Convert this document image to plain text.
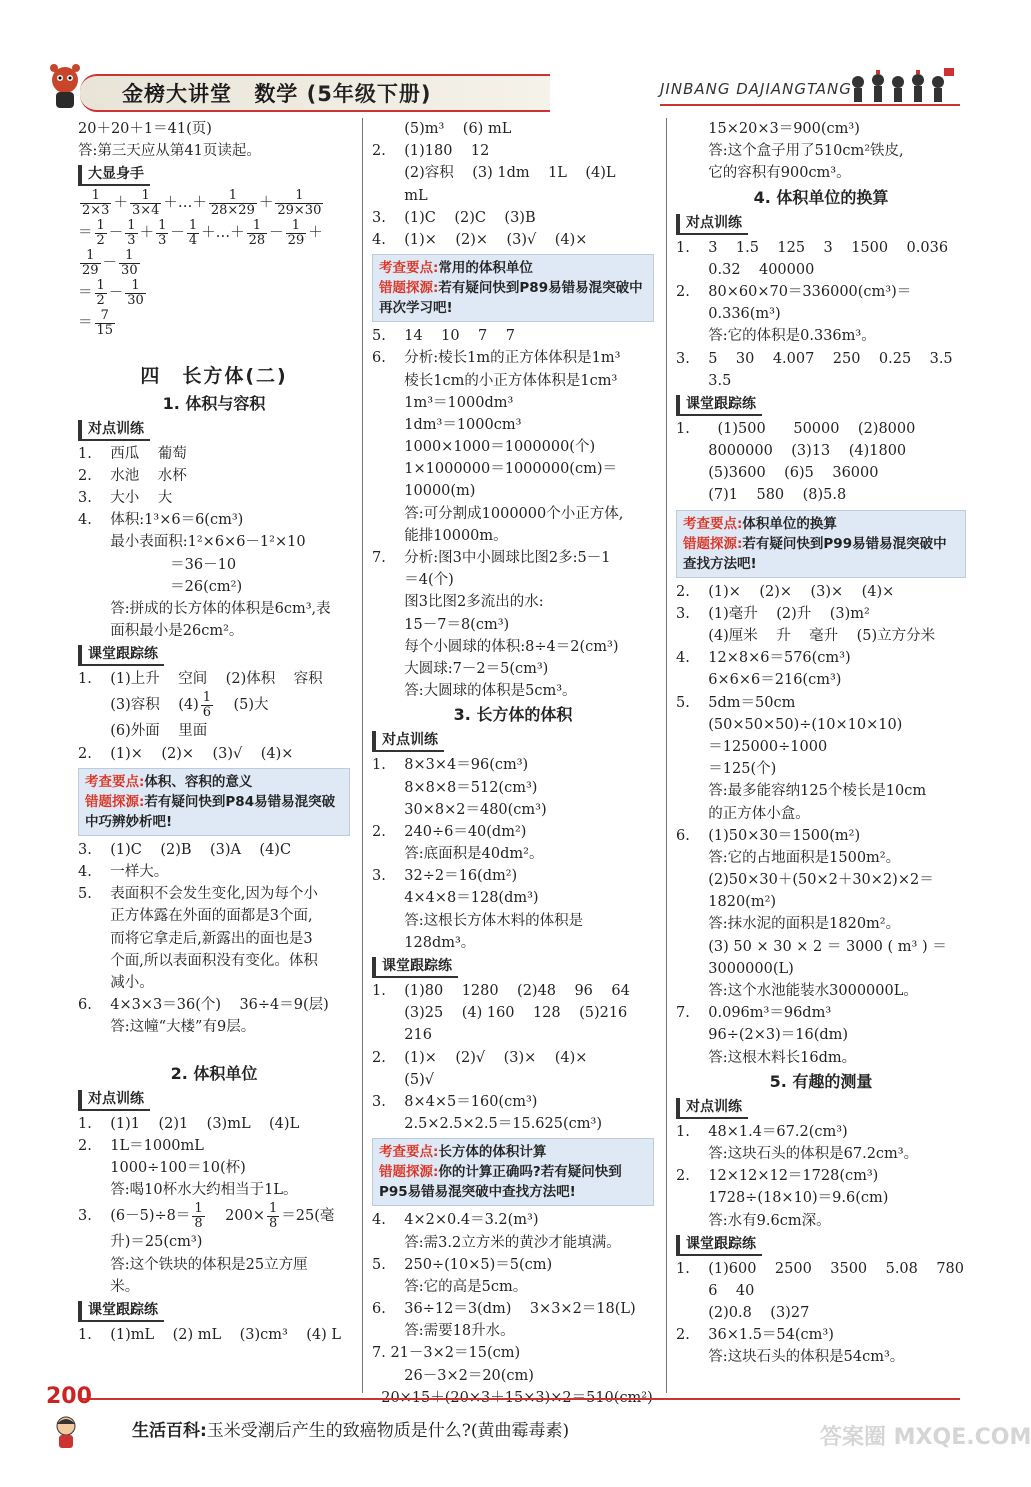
金榜大讲堂 数学 (5年级下册)	JINBANG DAJIANGTANG
20＋20＋1＝41(页)
答:第三天应从第41页读起。
大显身手
$\frac{1}{2\times 3} + \frac{1}{3\times 4}$ ＋…＋ $\frac{1}{28\times 29} + \frac{1}{29\times 30}$
＝ $\frac{1}{2} - \frac{1}{3} + \frac{1}{3} - \frac{1}{4}$ ＋…＋ $\frac{1}{28} - \frac{1}{29}$ ＋
$\frac{1}{29} - \frac{1}{30}$
＝ $\frac{1}{2} - \frac{1}{30}$
＝ $\frac{7}{15}$
四　长方体(二)
1. 体积与容积
对点训练
1.    西瓜    葡萄
2.    水池    水杯
3.    大小    大
4.    体积:1³×6＝6(cm³)
最小表面积:1²×6×6－1²×10
＝36－10
＝26(cm²)
答:拼成的长方体的体积是6cm³,表
面积最小是26cm²。
课堂跟踪练
1.    (1)上升    空间    (2)体积    容积
(3)容积    $(4) \frac{1}{6} (5)$大
(6)外面    里面
2.    (1)×    (2)×    (3)√    (4)×
考查要点:体积、容积的意义
错题探源:若有疑问快到P84易错易混突破中巧辨妙析吧!
3.    (1)C    (2)B    (3)A    (4)C
4.    一样大。
5.    表面积不会发生变化,因为每个小
正方体露在外面的面都是3个面,
而将它拿走后,新露出的面也是3
个面,所以表面积没有变化。体积
减小。
6.    4×3×3＝36(个)    36÷4＝9(层)
答:这幢“大楼”有9层。
2. 体积单位
对点训练
1.    (1)1    (2)1    (3)mL    (4)L
2.    1L＝1000mL
1000÷100＝10(杯)
答:喝10杯水大约相当于1L。
3.    $(6-5)\div 8= \frac{1}{8} 200\times \frac{1}{8} =25$(毫
升)＝25(cm³)
答:这个铁块的体积是25立方厘
米。
课堂跟踪练
1.    (1)mL    (2) mL    (3)cm³    (4) L
(5)m³    (6) mL
2.    (1)180    12
(2)容积    (3) 1dm    1L    (4)L
mL
3.    (1)C    (2)C    (3)B
4.    (1)×    (2)×    (3)√    (4)×
考查要点:常用的体积单位
错题探源:若有疑问快到P89易错易混突破中再次学习吧!
5.    14    10    7    7
6.    分析:棱长1m的正方体体积是1m³
棱长1cm的小正方体体积是1cm³
1m³＝1000dm³
1dm³＝1000cm³
1000×1000＝1000000(个)
1×1000000＝1000000(cm)＝
10000(m)
答:可分割成1000000个小正方体,
能排10000m。
7.    分析:图3中小圆球比图2多:5－1
＝4(个)
图3比图2多流出的水:
15－7＝8(cm³)
每个小圆球的体积:8÷4＝2(cm³)
大圆球:7－2＝5(cm³)
答:大圆球的体积是5cm³。
3. 长方体的体积
对点训练
1.    8×3×4＝96(cm³)
8×8×8＝512(cm³)
30×8×2＝480(cm³)
2.    240÷6＝40(dm²)
答:底面积是40dm²。
3.    32÷2＝16(dm²)
4×4×8＝128(dm³)
答:这根长方体木料的体积是
128dm³。
课堂跟踪练
1.    (1)80    1280    (2)48    96    64
(3)25    (4) 160    128    (5)216
216
2.    (1)×    (2)√    (3)×    (4)×
(5)√
3.    8×4×5＝160(cm³)
2.5×2.5×2.5＝15.625(cm³)
考查要点:长方体的体积计算
错题探源:你的计算正确吗?若有疑问快到P95易错易混突破中查找方法吧!
4.    4×2×0.4＝3.2(m³)
答:需3.2立方米的黄沙才能填满。
5.    250÷(10×5)＝5(cm)
答:它的高是5cm。
6.    36÷12＝3(dm)    3×3×2＝18(L)
答:需要18升水。
7. 21－3×2＝15(cm)
26－3×2＝20(cm)
15×20×3＝900(cm³)
答:这个盒子用了510cm²铁皮,
它的容积有900cm³。
4. 体积单位的换算
对点训练
1.    3    1.5    125    3    1500    0.036
0.32    400000
2.    80×60×70＝336000(cm³)＝
0.336(m³)
答:它的体积是0.336m³。
3.    5    30    4.007    250    0.25    3.5
3.5
课堂跟踪练
1.      (1)500      50000    (2)8000
8000000    (3)13    (4)1800
(5)3600    (6)5    36000
(7)1    580    (8)5.8
考查要点:体积单位的换算
错题探源:若有疑问快到P99易错易混突破中查找方法吧!
2.    (1)×    (2)×    (3)×    (4)×
3.    (1)毫升    (2)升    (3)m²
(4)厘米    升    毫升    (5)立方分米
4.    12×8×6＝576(cm³)
6×6×6＝216(cm³)
5.    5dm＝50cm
(50×50×50)÷(10×10×10)
＝125000÷1000
＝125(个)
答:最多能容纳125个棱长是10cm
的正方体小盒。
6.    (1)50×30＝1500(m²)
答:它的占地面积是1500m²。
(2)50×30＋(50×2＋30×2)×2＝
1820(m²)
答:抹水泥的面积是1820m²。
(3) 50 × 30 × 2 ＝ 3000 ( m³ ) ＝
3000000(L)
答:这个水池能装水3000000L。
7.    0.096m³＝96dm³
96÷(2×3)＝16(dm)
答:这根木料长16dm。
5. 有趣的测量
对点训练
1.    48×1.4＝67.2(cm³)
答:这块石头的体积是67.2cm³。
2.    12×12×12＝1728(cm³)
1728÷(18×10)＝9.6(cm)
答:水有9.6cm深。
课堂跟踪练
1.    (1)600    2500    3500    5.08    780
6    40
(2)0.8    (3)27
2.    36×1.5＝54(cm³)
答:这块石头的体积是54cm³。
200
生活百科:玉米受潮后产生的致癌物质是什么?(黄曲霉毒素)	答案圈 MXQE.COM
